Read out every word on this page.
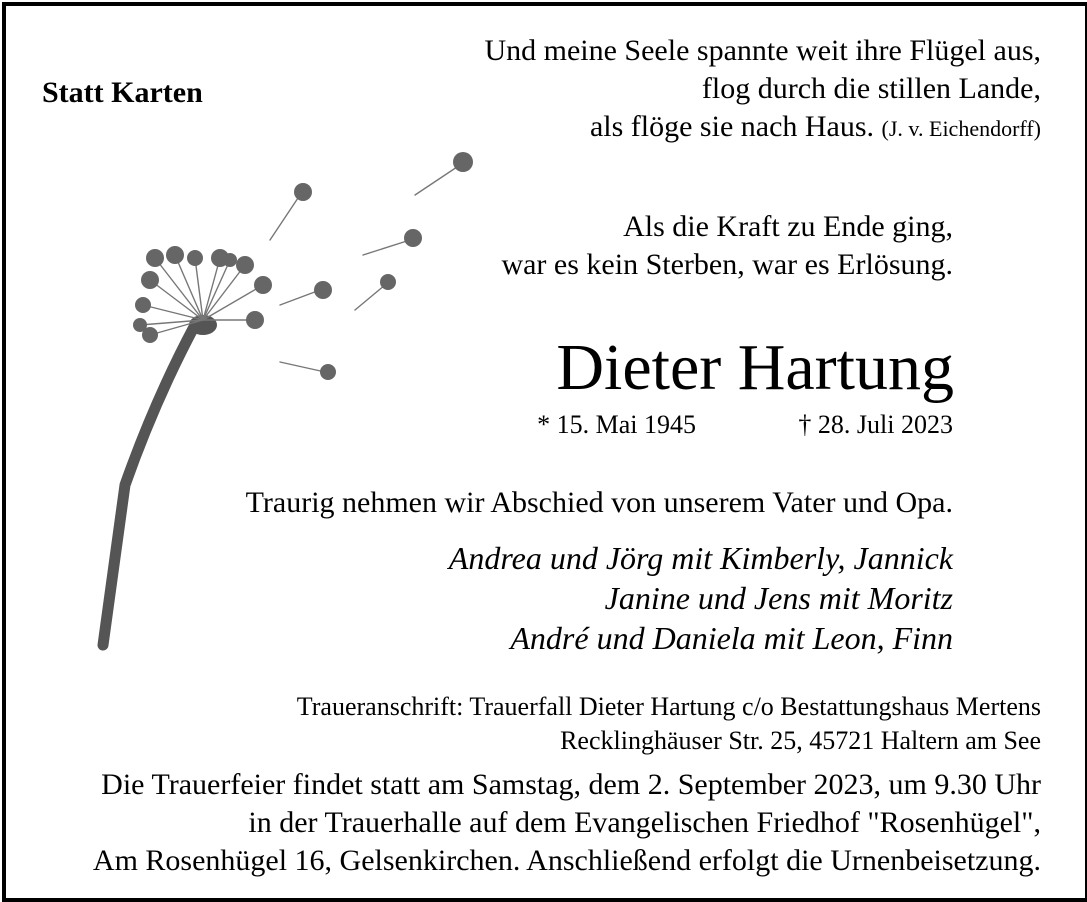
Statt Karten
Und meine Seele spannte weit ihre Flügel aus,
flog durch die stillen Lande,
als flöge sie nach Haus. (J. v. Eichendorff)
Als die Kraft zu Ende ging,
war es kein Sterben, war es Erlösung.
Dieter Hartung
* 15. Mai 1945	† 28. Juli 2023
Traurig nehmen wir Abschied von unserem Vater und Opa.
Andrea und Jörg mit Kimberly, Jannick
Janine und Jens mit Moritz
André und Daniela mit Leon, Finn
Traueranschrift: Trauerfall Dieter Hartung c/o Bestattungshaus Mertens
Recklinghäuser Str. 25, 45721 Haltern am See
Die Trauerfeier findet statt am Samstag, dem 2. September 2023, um 9.30 Uhr
in der Trauerhalle auf dem Evangelischen Friedhof "Rosenhügel",
Am Rosenhügel 16, Gelsenkirchen. Anschließend erfolgt die Urnenbeisetzung.
